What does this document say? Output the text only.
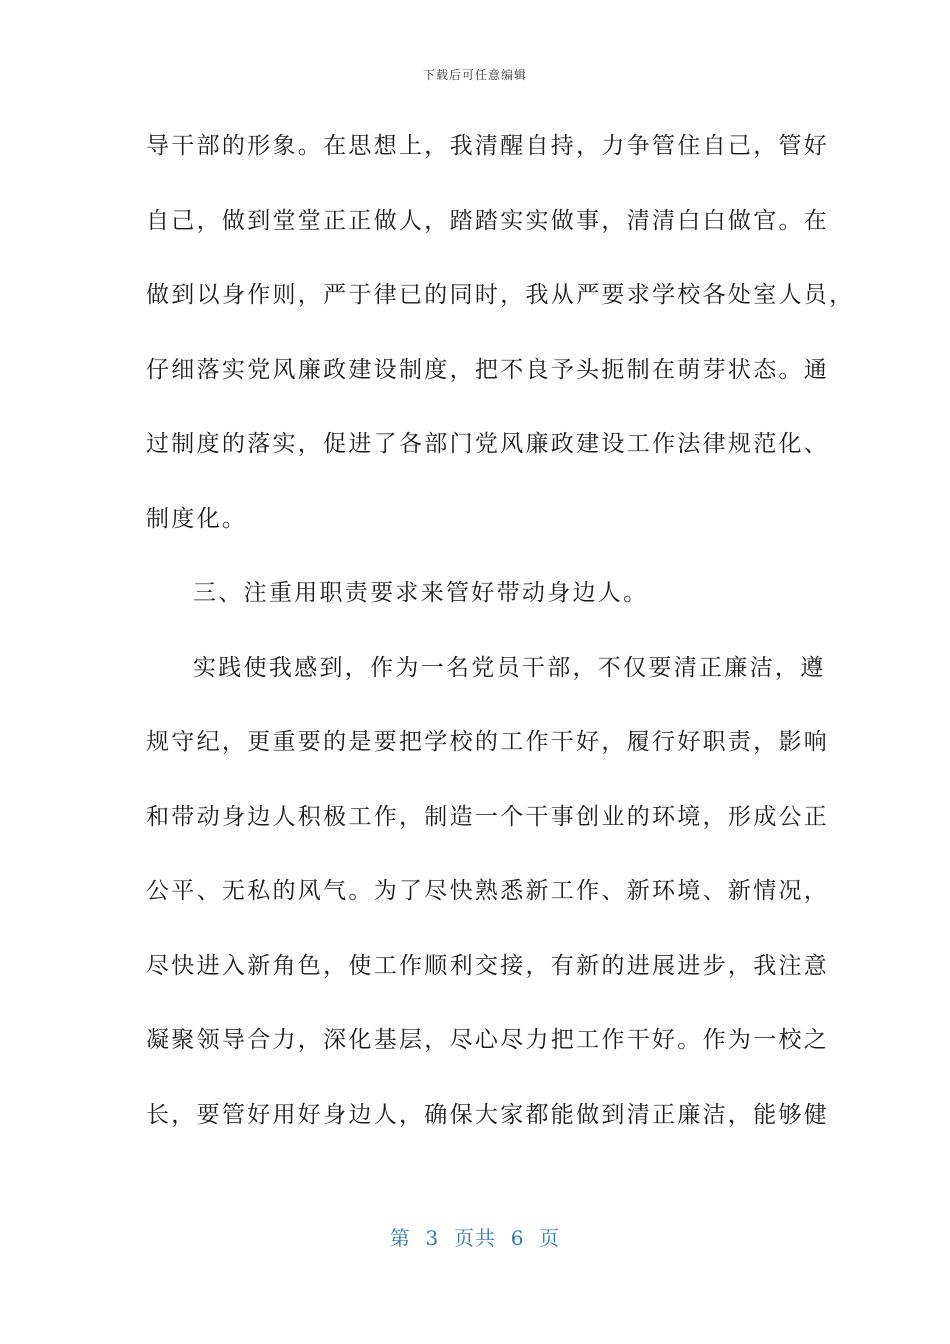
下载后可任意编辑
导干部的形象。在思想上，我清醒自持，力争管住自己，管好
自己，做到堂堂正正做人，踏踏实实做事，清清白白做官。在
做到以身作则，严于律已的同时，我从严要求学校各处室人员，
仔细落实党风廉政建设制度，把不良予头扼制在萌芽状态。通
过制度的落实，促进了各部门党风廉政建设工作法律规范化、
制度化。
三、注重用职责要求来管好带动身边人。
实践使我感到，作为一名党员干部，不仅要清正廉洁，遵
规守纪，更重要的是要把学校的工作干好，履行好职责，影响
和带动身边人积极工作，制造一个干事创业的环境，形成公正
公平、无私的风气。为了尽快熟悉新工作、新环境、新情况，
尽快进入新角色，使工作顺利交接，有新的进展进步，我注意
凝聚领导合力，深化基层，尽心尽力把工作干好。作为一校之
长，要管好用好身边人，确保大家都能做到清正廉洁，能够健
第  3  页共  6  页
